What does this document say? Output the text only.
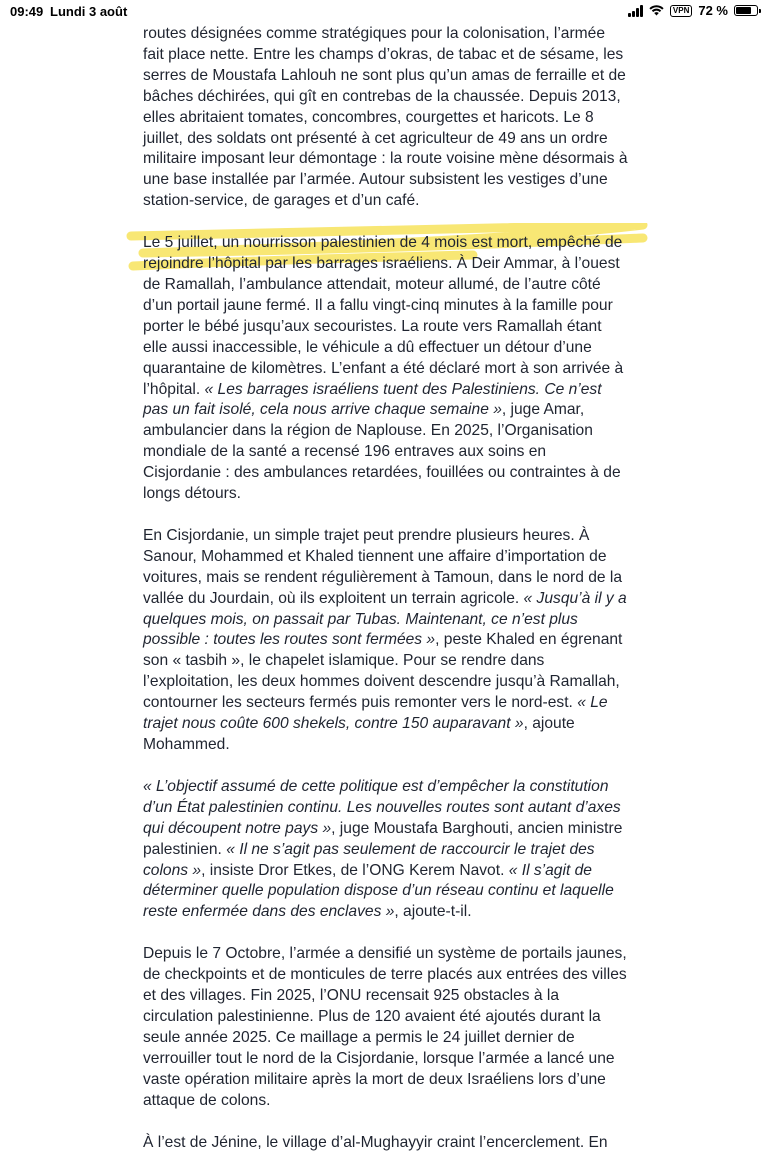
09:49 Lundi 3 août	VPN 72 %

routes désignées comme stratégiques pour la colonisation, l’armée fait place nette. Entre les champs d’okras, de tabac et de sésame, les serres de Moustafa Lahlouh ne sont plus qu’un amas de ferraille et de bâches déchirées, qui gît en contrebas de la chaussée. Depuis 2013, elles abritaient tomates, concombres, courgettes et haricots. Le 8 juillet, des soldats ont présenté à cet agriculteur de 49 ans un ordre militaire imposant leur démontage : la route voisine mène désormais à une base installée par l’armée. Autour subsistent les vestiges d’une station-service, de garages et d’un café.

Le 5 juillet, un nourrisson palestinien de 4 mois est mort, empêché de rejoindre l’hôpital par les barrages israéliens. À Deir Ammar, à l’ouest de Ramallah, l’ambulance attendait, moteur allumé, de l’autre côté d’un portail jaune fermé. Il a fallu vingt-cinq minutes à la famille pour porter le bébé jusqu’aux secouristes. La route vers Ramallah étant elle aussi inaccessible, le véhicule a dû effectuer un détour d’une quarantaine de kilomètres. L’enfant a été déclaré mort à son arrivée à l’hôpital. « Les barrages israéliens tuent des Palestiniens. Ce n’est pas un fait isolé, cela nous arrive chaque semaine », juge Amar, ambulancier dans la région de Naplouse. En 2025, l’Organisation mondiale de la santé a recensé 196 entraves aux soins en Cisjordanie : des ambulances retardées, fouillées ou contraintes à de longs détours.

En Cisjordanie, un simple trajet peut prendre plusieurs heures. À Sanour, Mohammed et Khaled tiennent une affaire d’importation de voitures, mais se rendent régulièrement à Tamoun, dans le nord de la vallée du Jourdain, où ils exploitent un terrain agricole. « Jusqu’à il y a quelques mois, on passait par Tubas. Maintenant, ce n’est plus possible : toutes les routes sont fermées », peste Khaled en égrenant son « tasbih », le chapelet islamique. Pour se rendre dans l’exploitation, les deux hommes doivent descendre jusqu’à Ramallah, contourner les secteurs fermés puis remonter vers le nord-est. « Le trajet nous coûte 600 shekels, contre 150 auparavant », ajoute Mohammed.

« L’objectif assumé de cette politique est d’empêcher la constitution d’un État palestinien continu. Les nouvelles routes sont autant d’axes qui découpent notre pays », juge Moustafa Barghouti, ancien ministre palestinien. « Il ne s’agit pas seulement de raccourcir le trajet des colons », insiste Dror Etkes, de l’ONG Kerem Navot. « Il s’agit de déterminer quelle population dispose d’un réseau continu et laquelle reste enfermée dans des enclaves », ajoute-t-il.

Depuis le 7 Octobre, l’armée a densifié un système de portails jaunes, de checkpoints et de monticules de terre placés aux entrées des villes et des villages. Fin 2025, l’ONU recensait 925 obstacles à la circulation palestinienne. Plus de 120 avaient été ajoutés durant la seule année 2025. Ce maillage a permis le 24 juillet dernier de verrouiller tout le nord de la Cisjordanie, lorsque l’armée a lancé une vaste opération militaire après la mort de deux Israéliens lors d’une attaque de colons.

À l’est de Jénine, le village d’al-Mughayyir craint l’encerclement. En
